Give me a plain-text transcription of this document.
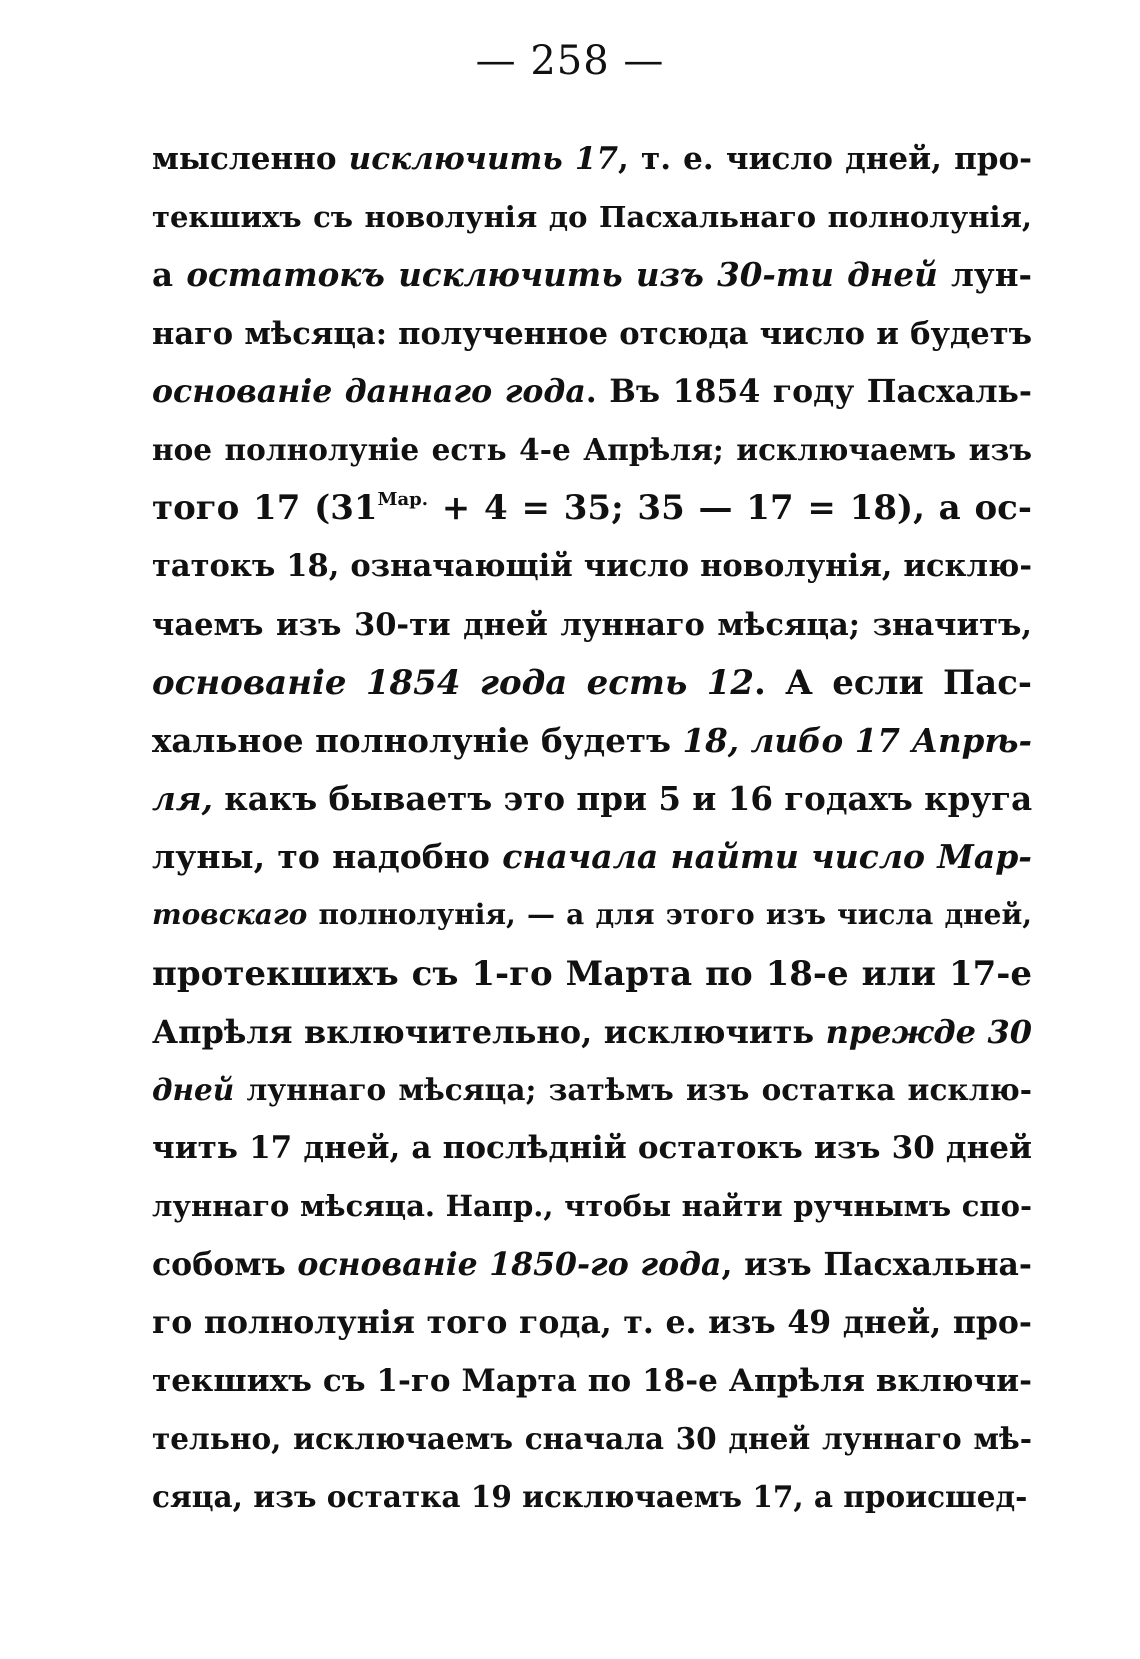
— 258 —
мысленно исключить 17, т. е. число дней, про-
текшихъ съ новолунія до Пасхальнаго полнолунія,
а остатокъ исключить изъ 30-ти дней лун-
наго мѣсяца: полученное отсюда число и будетъ
основаніе даннаго года. Въ 1854 году Пасхаль-
ное полнолуніе есть 4-е Апрѣля; исключаемъ изъ
того 17 ($31^{Мар.} + 4 = 35$; 35 — 17 = 18), а ос-
татокъ 18, означающій число новолунія, исклю-
чаемъ изъ 30-ти дней луннаго мѣсяца; значитъ,
основаніе 1854 года есть 12. А если Пас-
хальное полнолуніе будетъ 18, либо 17 Апрѣ-
ля, какъ бываетъ это при 5 и 16 годахъ круга
луны, то надобно сначала найти число Мар-
товскаго полнолунія, — а для этого изъ числа дней,
протекшихъ съ 1-го Марта по 18-е или 17-е
Апрѣля включительно, исключить прежде 30
дней луннаго мѣсяца; затѣмъ изъ остатка исклю-
чить 17 дней, а послѣдній остатокъ изъ 30 дней
луннаго мѣсяца. Напр., чтобы найти ручнымъ спо-
собомъ основаніе 1850-го года, изъ Пасхальна-
го полнолунія того года, т. е. изъ 49 дней, про-
текшихъ съ 1-го Марта по 18-е Апрѣля включи-
тельно, исключаемъ сначала 30 дней луннаго мѣ-
сяца, изъ остатка 19 исключаемъ 17, а происшед-
